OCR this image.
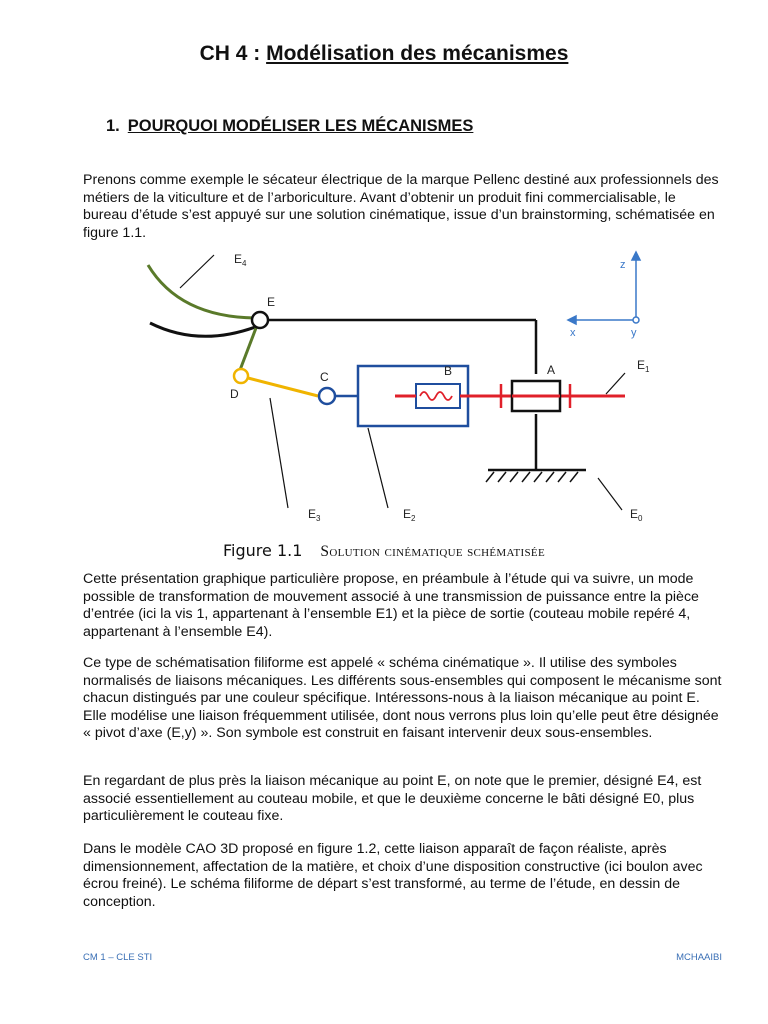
CH 4 : Modélisation des mécanismes
1. POURQUOI MODÉLISER LES MÉCANISMES

Prenons comme exemple le sécateur électrique de la marque Pellenc destiné aux professionnels des métiers de la viticulture et de l’arboriculture. Avant d’obtenir un produit fini commercialisable, le bureau d’étude s’est appuyé sur une solution cinématique, issue d’un brainstorming, schématisée en figure 1.1.

$E_4$
E
D
C	B	A	$E_1$
$E_3$	$E_2$	$E_0$
z
x	y
Figure 1.1 Solution cinématique schématisée

Cette présentation graphique particulière propose, en préambule à l’étude qui va suivre, un mode possible de transformation de mouvement associé à une transmission de puissance entre la pièce d’entrée (ici la vis 1, appartenant à l’ensemble E1) et la pièce de sortie (couteau mobile repéré 4, appartenant à l’ensemble E4).

Ce type de schématisation filiforme est appelé « schéma cinématique ». Il utilise des symboles normalisés de liaisons mécaniques. Les différents sous-ensembles qui composent le mécanisme sont chacun distingués par une couleur spécifique. Intéressons-nous à la liaison mécanique au point E. Elle modélise une liaison fréquemment utilisée, dont nous verrons plus loin qu’elle peut être désignée « pivot d’axe (E,y) ». Son symbole est construit en faisant intervenir deux sous-ensembles.

En regardant de plus près la liaison mécanique au point E, on note que le premier, désigné E4, est associé essentiellement au couteau mobile, et que le deuxième concerne le bâti désigné E0, plus particulièrement le couteau fixe.

Dans le modèle CAO 3D proposé en figure 1.2, cette liaison apparaît de façon réaliste, après dimensionnement, affectation de la matière, et choix d’une disposition constructive (ici boulon avec écrou freiné). Le schéma filiforme de départ s’est transformé, au terme de l’étude, en dessin de conception.

CM 1 – CLE STI	MCHAAIBI
